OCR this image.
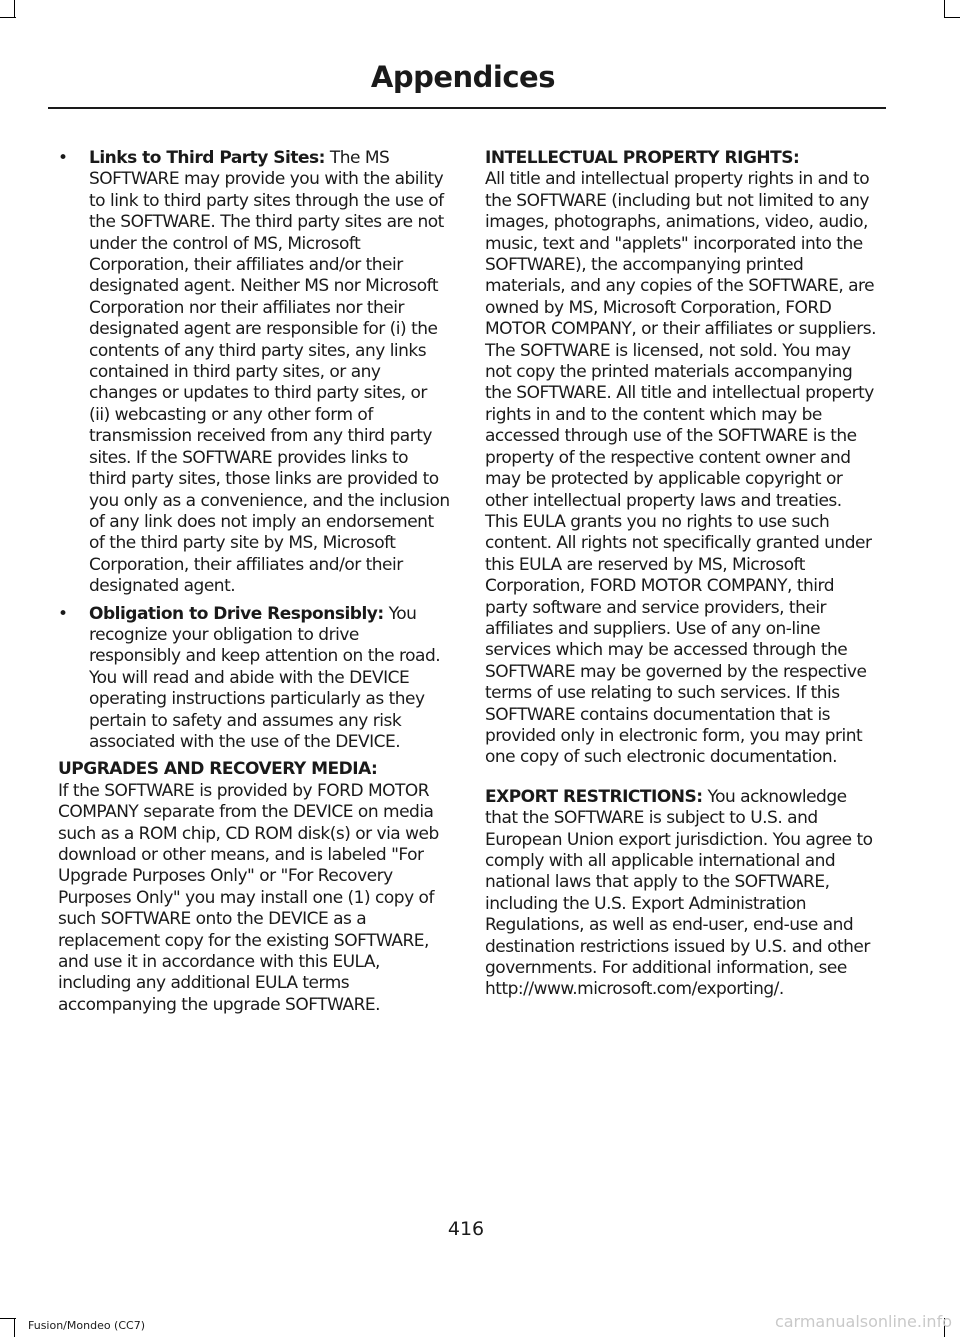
Appendices
• Links to Third Party Sites: The MS SOFTWARE may provide you with the ability to link to third party sites through the use of the SOFTWARE. The third party sites are not under the control of MS, Microsoft Corporation, their affiliates and/or their designated agent. Neither MS nor Microsoft Corporation nor their affiliates nor their designated agent are responsible for (i) the contents of any third party sites, any links contained in third party sites, or any changes or updates to third party sites, or (ii) webcasting or any other form of transmission received from any third party sites. If the SOFTWARE provides links to third party sites, those links are provided to you only as a convenience, and the inclusion of any link does not imply an endorsement of the third party site by MS, Microsoft Corporation, their affiliates and/or their designated agent.
• Obligation to Drive Responsibly: You recognize your obligation to drive responsibly and keep attention on the road. You will read and abide with the DEVICE operating instructions particularly as they pertain to safety and assumes any risk associated with the use of the DEVICE.

UPGRADES AND RECOVERY MEDIA:
If the SOFTWARE is provided by FORD MOTOR COMPANY separate from the DEVICE on media such as a ROM chip, CD ROM disk(s) or via web download or other means, and is labeled "For Upgrade Purposes Only" or "For Recovery Purposes Only" you may install one (1) copy of such SOFTWARE onto the DEVICE as a replacement copy for the existing SOFTWARE, and use it in accordance with this EULA, including any additional EULA terms accompanying the upgrade SOFTWARE.

INTELLECTUAL PROPERTY RIGHTS:
All title and intellectual property rights in and to the SOFTWARE (including but not limited to any images, photographs, animations, video, audio, music, text and "applets" incorporated into the SOFTWARE), the accompanying printed materials, and any copies of the SOFTWARE, are owned by MS, Microsoft Corporation, FORD MOTOR COMPANY, or their affiliates or suppliers. The SOFTWARE is licensed, not sold. You may not copy the printed materials accompanying the SOFTWARE. All title and intellectual property rights in and to the content which may be accessed through use of the SOFTWARE is the property of the respective content owner and may be protected by applicable copyright or other intellectual property laws and treaties. This EULA grants you no rights to use such content. All rights not specifically granted under this EULA are reserved by MS, Microsoft Corporation, FORD MOTOR COMPANY, third party software and service providers, their affiliates and suppliers. Use of any on-line services which may be accessed through the SOFTWARE may be governed by the respective terms of use relating to such services. If this SOFTWARE contains documentation that is provided only in electronic form, you may print one copy of such electronic documentation.

EXPORT RESTRICTIONS: You acknowledge that the SOFTWARE is subject to U.S. and European Union export jurisdiction. You agree to comply with all applicable international and national laws that apply to the SOFTWARE, including the U.S. Export Administration Regulations, as well as end-user, end-use and destination restrictions issued by U.S. and other governments. For additional information, see http://www.microsoft.com/exporting/.

416

Fusion/Mondeo (CC7)	carmanualsonline.info
